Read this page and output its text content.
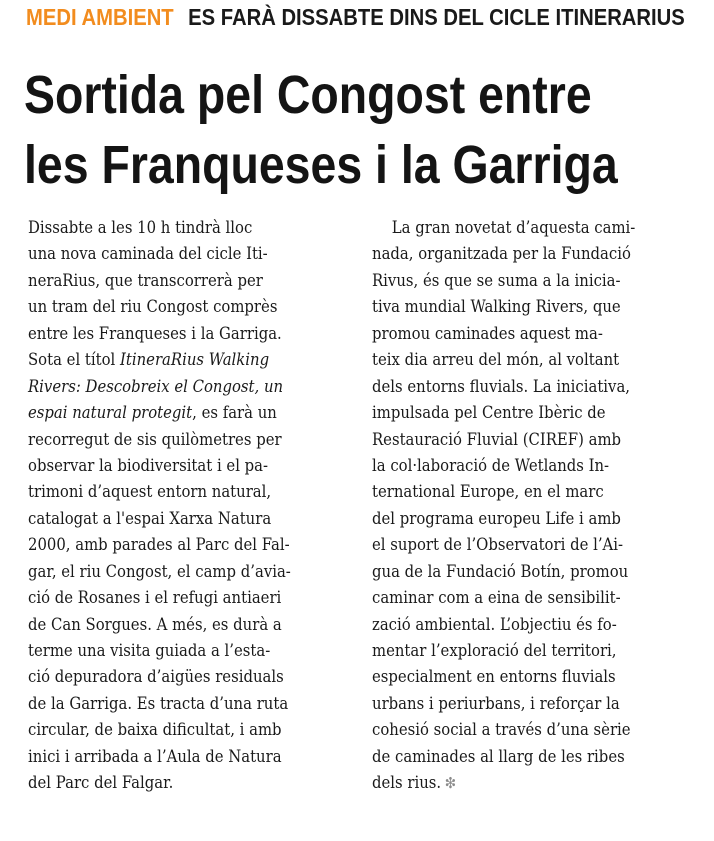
MEDI AMBIENT ES FARÀ DISSABTE DINS DEL CICLE ITINERARIUS
Sortida pel Congost entre
les Franqueses i la Garriga
Dissabte a les 10 h tindrà lloc
una nova caminada del cicle Iti-
neraRius, que transcorrerà per
un tram del riu Congost comprès
entre les Franqueses i la Garriga.
Sota el títol ItineraRius Walking
Rivers: Descobreix el Congost, un
espai natural protegit, es farà un
recorregut de sis quilòmetres per
observar la biodiversitat i el pa-
trimoni d’aquest entorn natural,
catalogat a l'espai Xarxa Natura
2000, amb parades al Parc del Fal-
gar, el riu Congost, el camp d’avia-
ció de Rosanes i el refugi antiaeri
de Can Sorgues. A més, es durà a
terme una visita guiada a l’esta-
ció depuradora d’aigües residuals
de la Garriga. Es tracta d’una ruta
circular, de baixa dificultat, i amb
inici i arribada a l’Aula de Natura
del Parc del Falgar.
La gran novetat d’aquesta cami-
nada, organitzada per la Fundació
Rivus, és que se suma a la inicia-
tiva mundial Walking Rivers, que
promou caminades aquest ma-
teix dia arreu del món, al voltant
dels entorns fluvials. La iniciativa,
impulsada pel Centre Ibèric de
Restauració Fluvial (CIREF) amb
la col·laboració de Wetlands In-
ternational Europe, en el marc
del programa europeu Life i amb
el suport de l’Observatori de l’Ai-
gua de la Fundació Botín, promou
caminar com a eina de sensibilit-
zació ambiental. L’objectiu és fo-
mentar l’exploració del territori,
especialment en entorns fluvials
urbans i periurbans, i reforçar la
cohesió social a través d’una sèrie
de caminades al llarg de les ribes
dels rius. ❇
